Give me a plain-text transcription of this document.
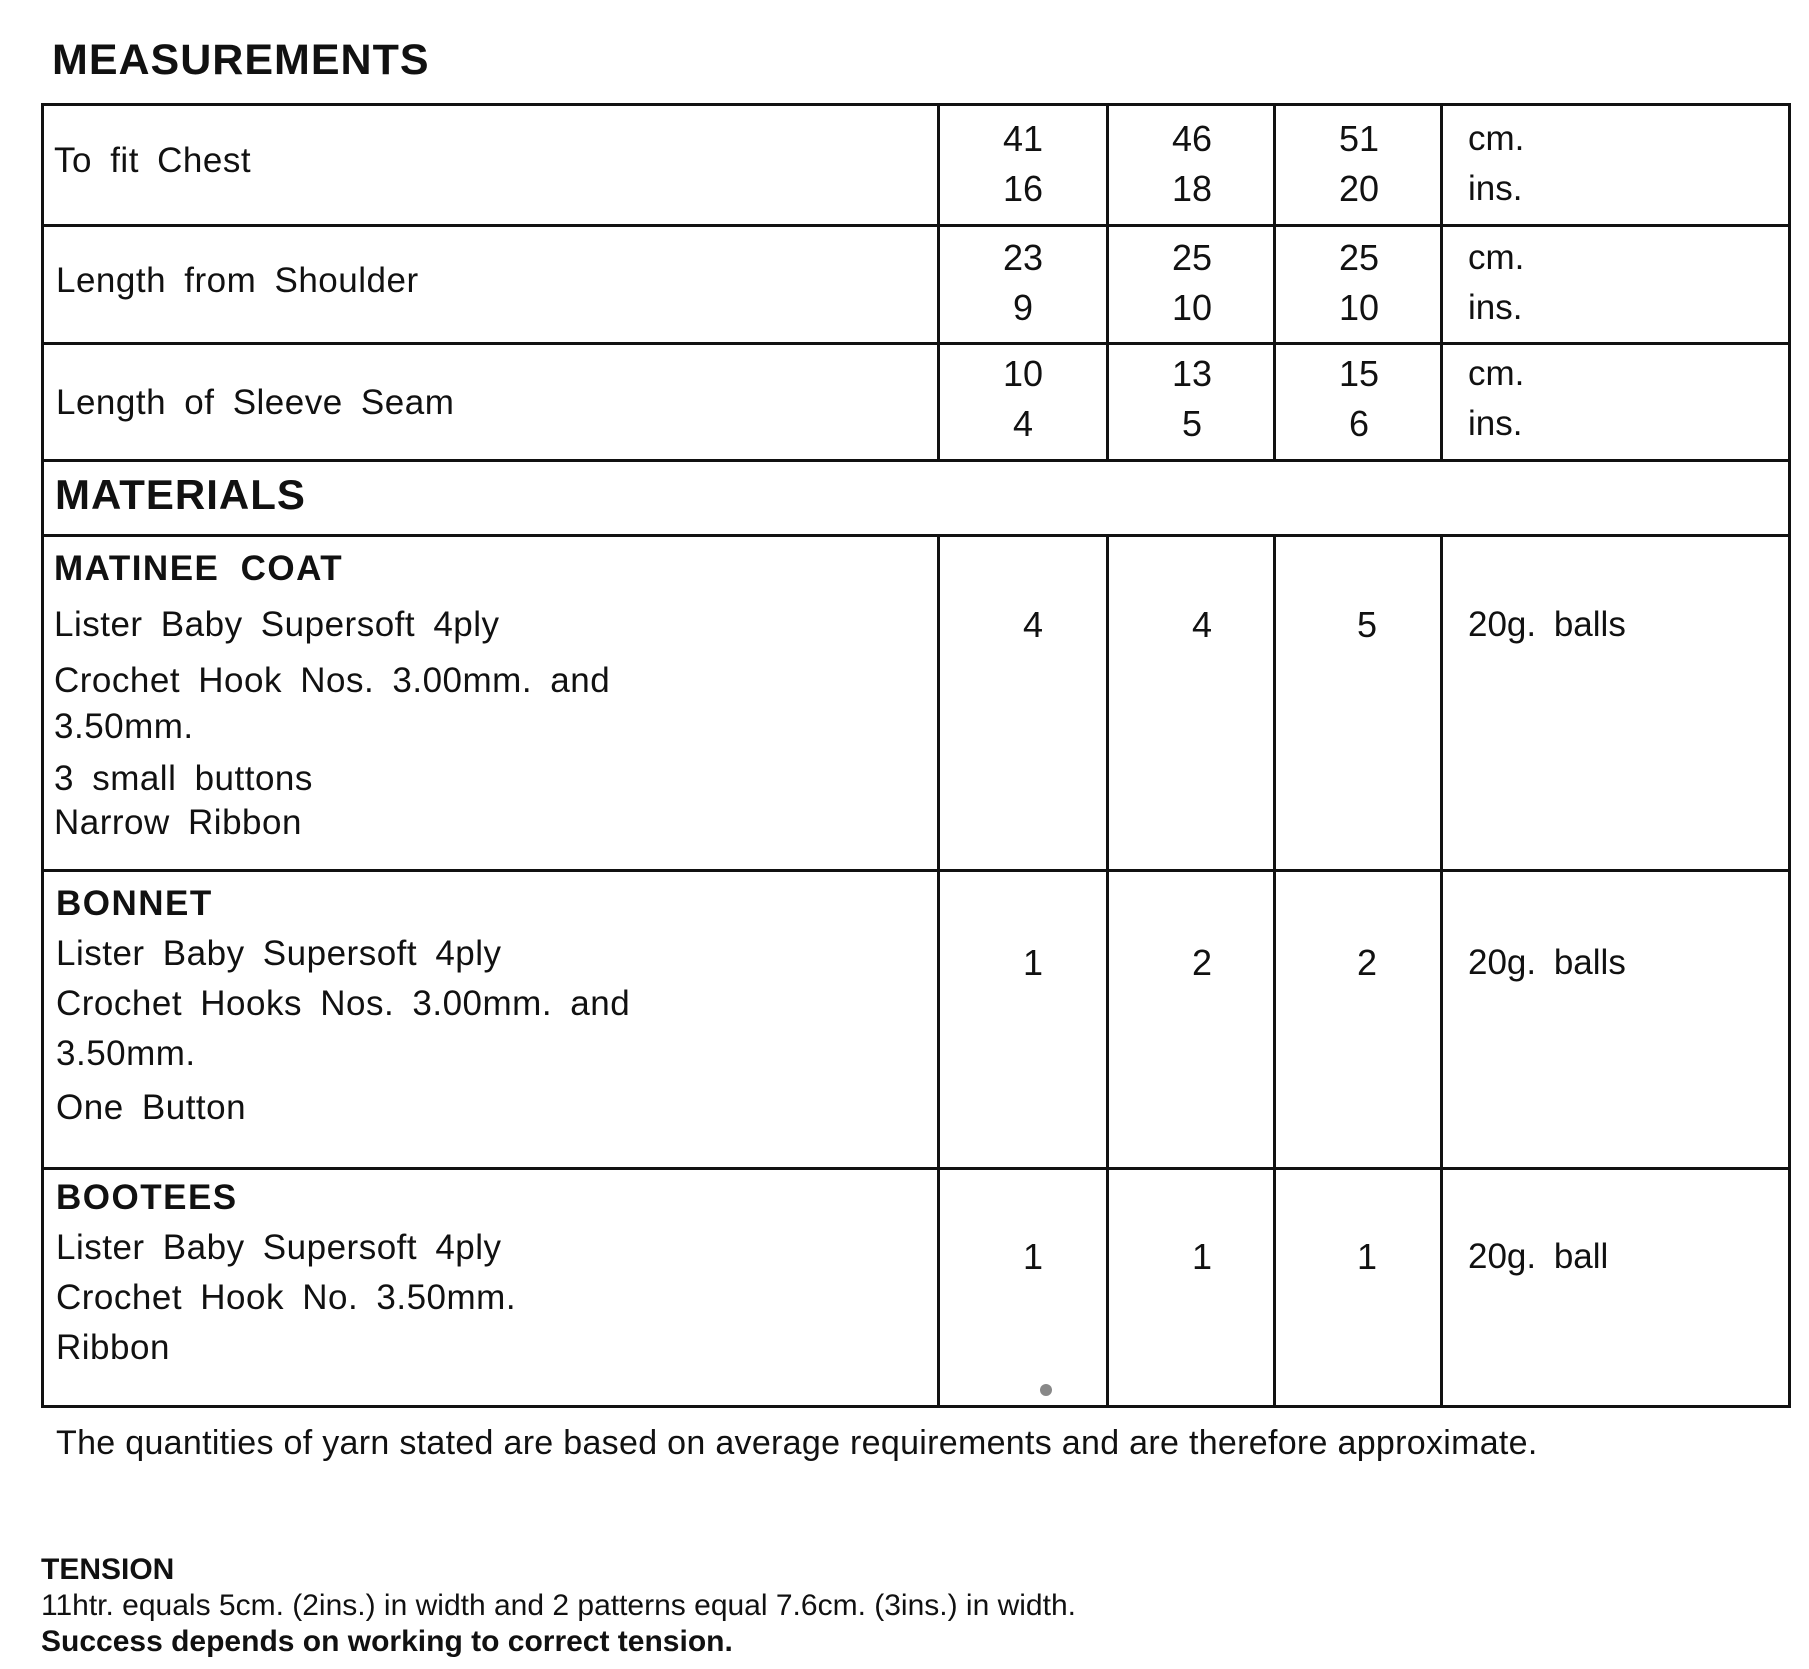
MEASUREMENTS
To fit Chest
41	46	51	cm.
16	18	20	ins.
Length from Shoulder
23	25	25	cm.
9	10	10	ins.
Length of Sleeve Seam
10	13	15	cm.
4	5	6	ins.
MATERIALS
MATINEE COAT
Lister Baby Supersoft 4ply
Crochet Hook Nos. 3.00mm. and
3.50mm.
3 small buttons
Narrow Ribbon
4	4	5	20g. balls
BONNET
Lister Baby Supersoft 4ply
Crochet Hooks Nos. 3.00mm. and
3.50mm.
One Button
1	2	2	20g. balls
BOOTEES
Lister Baby Supersoft 4ply
Crochet Hook No. 3.50mm.
Ribbon
1	1	1	20g. ball
The quantities of yarn stated are based on average requirements and are therefore approximate.
TENSION
11htr. equals 5cm. (2ins.) in width and 2 patterns equal 7.6cm. (3ins.) in width.
Success depends on working to correct tension.
